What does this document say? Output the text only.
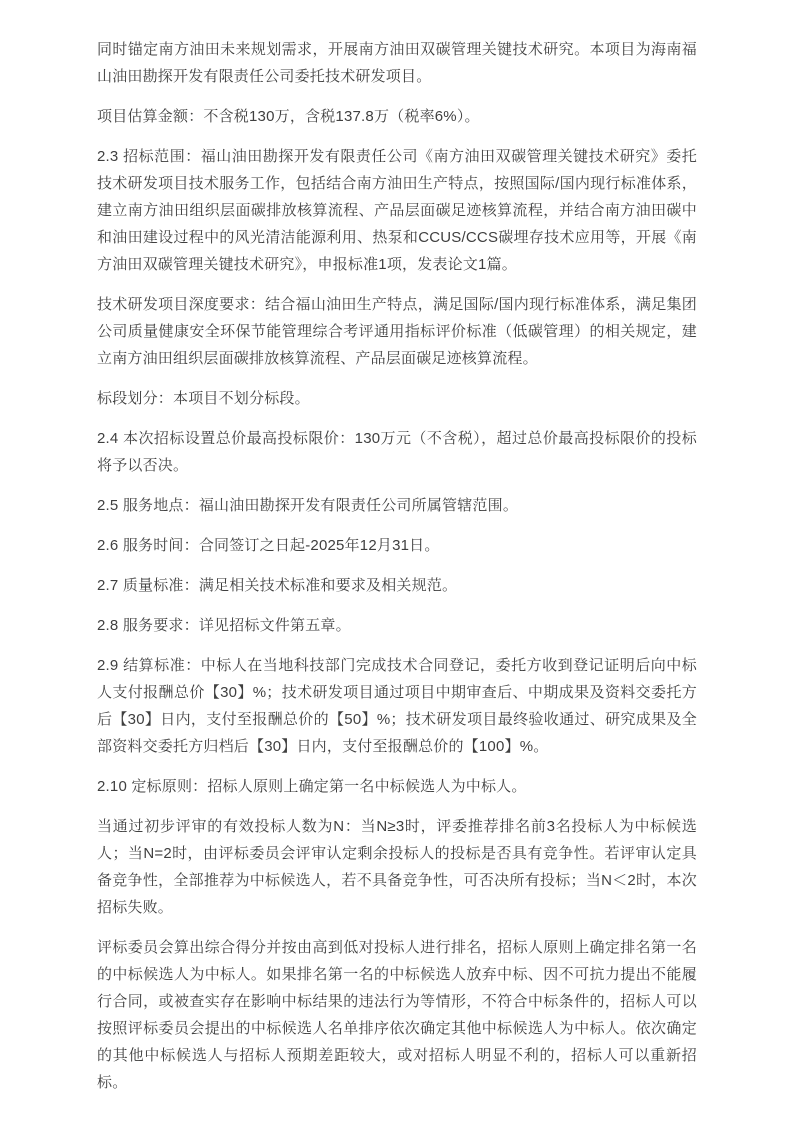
同时锚定南方油田未来规划需求，开展南方油田双碳管理关键技术研究。本项目为海南福山油田勘探开发有限责任公司委托技术研发项目。

项目估算金额：不含税130万，含税137.8万（税率6%）。

2.3 招标范围：福山油田勘探开发有限责任公司《南方油田双碳管理关键技术研究》委托技术研发项目技术服务工作，包括结合南方油田生产特点，按照国际/国内现行标准体系，建立南方油田组织层面碳排放核算流程、产品层面碳足迹核算流程，并结合南方油田碳中和油田建设过程中的风光清洁能源利用、热泵和CCUS/CCS碳埋存技术应用等，开展《南方油田双碳管理关键技术研究》，申报标准1项，发表论文1篇。

技术研发项目深度要求：结合福山油田生产特点，满足国际/国内现行标准体系，满足集团公司质量健康安全环保节能管理综合考评通用指标评价标准（低碳管理）的相关规定，建立南方油田组织层面碳排放核算流程、产品层面碳足迹核算流程。

标段划分：本项目不划分标段。

2.4 本次招标设置总价最高投标限价：130万元（不含税），超过总价最高投标限价的投标将予以否决。

2.5 服务地点：福山油田勘探开发有限责任公司所属管辖范围。

2.6 服务时间：合同签订之日起-2025年12月31日。

2.7 质量标准：满足相关技术标准和要求及相关规范。

2.8 服务要求：详见招标文件第五章。

2.9 结算标准：中标人在当地科技部门完成技术合同登记，委托方收到登记证明后向中标人支付报酬总价【30】%；技术研发项目通过项目中期审查后、中期成果及资料交委托方后【30】日内，支付至报酬总价的【50】%；技术研发项目最终验收通过、研究成果及全部资料交委托方归档后【30】日内，支付至报酬总价的【100】%。

2.10 定标原则：招标人原则上确定第一名中标候选人为中标人。

当通过初步评审的有效投标人数为N：当N≥3时，评委推荐排名前3名投标人为中标候选人；当N=2时，由评标委员会评审认定剩余投标人的投标是否具有竞争性。若评审认定具备竞争性，全部推荐为中标候选人，若不具备竞争性，可否决所有投标；当N＜2时，本次招标失败。

评标委员会算出综合得分并按由高到低对投标人进行排名，招标人原则上确定排名第一名的中标候选人为中标人。如果排名第一名的中标候选人放弃中标、因不可抗力提出不能履行合同，或被查实存在影响中标结果的违法行为等情形，不符合中标条件的，招标人可以按照评标委员会提出的中标候选人名单排序依次确定其他中标候选人为中标人。依次确定的其他中标候选人与招标人预期差距较大，或对招标人明显不利的，招标人可以重新招标。
